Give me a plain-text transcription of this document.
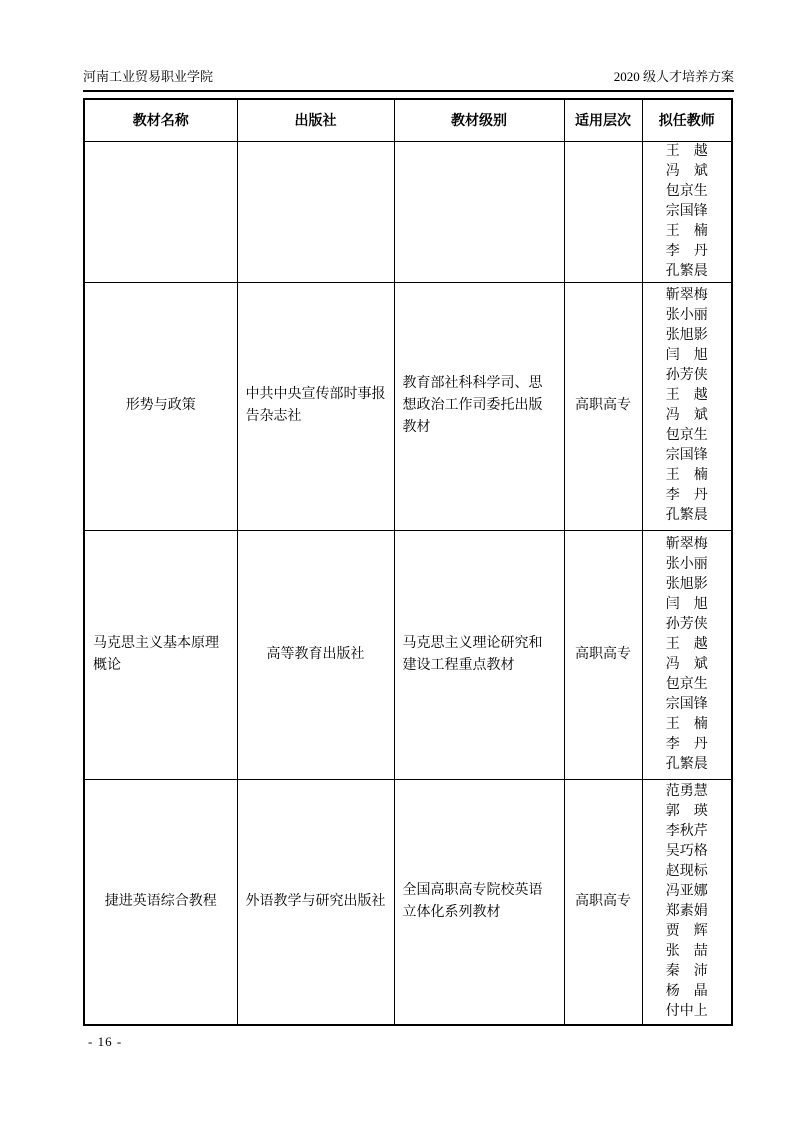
河南工业贸易职业学院	2020 级人才培养方案
教材名称	出版社	教材级别	适用层次	拟任教师

王越
冯斌
包京生
宗国锋
王楠
李丹
孔繁晨

形势与政策	中共中央宣传部时事报告杂志社	教育部社科科学司、思想政治工作司委托出版教材	高职高专	
靳翠梅
张小丽
张旭影
闫旭
孙芳侠
王越
冯斌
包京生
宗国锋
王楠
李丹
孔繁晨

马克思主义基本原理概论	高等教育出版社	马克思主义理论研究和建设工程重点教材	高职高专	
靳翠梅
张小丽
张旭影
闫旭
孙芳侠
王越
冯斌
包京生
宗国锋
王楠
李丹
孔繁晨

捷进英语综合教程	外语教学与研究出版社	全国高职高专院校英语立体化系列教材	高职高专	
范勇慧
郭瑛
李秋芹
吴巧格
赵现标
冯亚娜
郑素娟
贾辉
张喆
秦沛
杨晶
付中上
- 16 -
